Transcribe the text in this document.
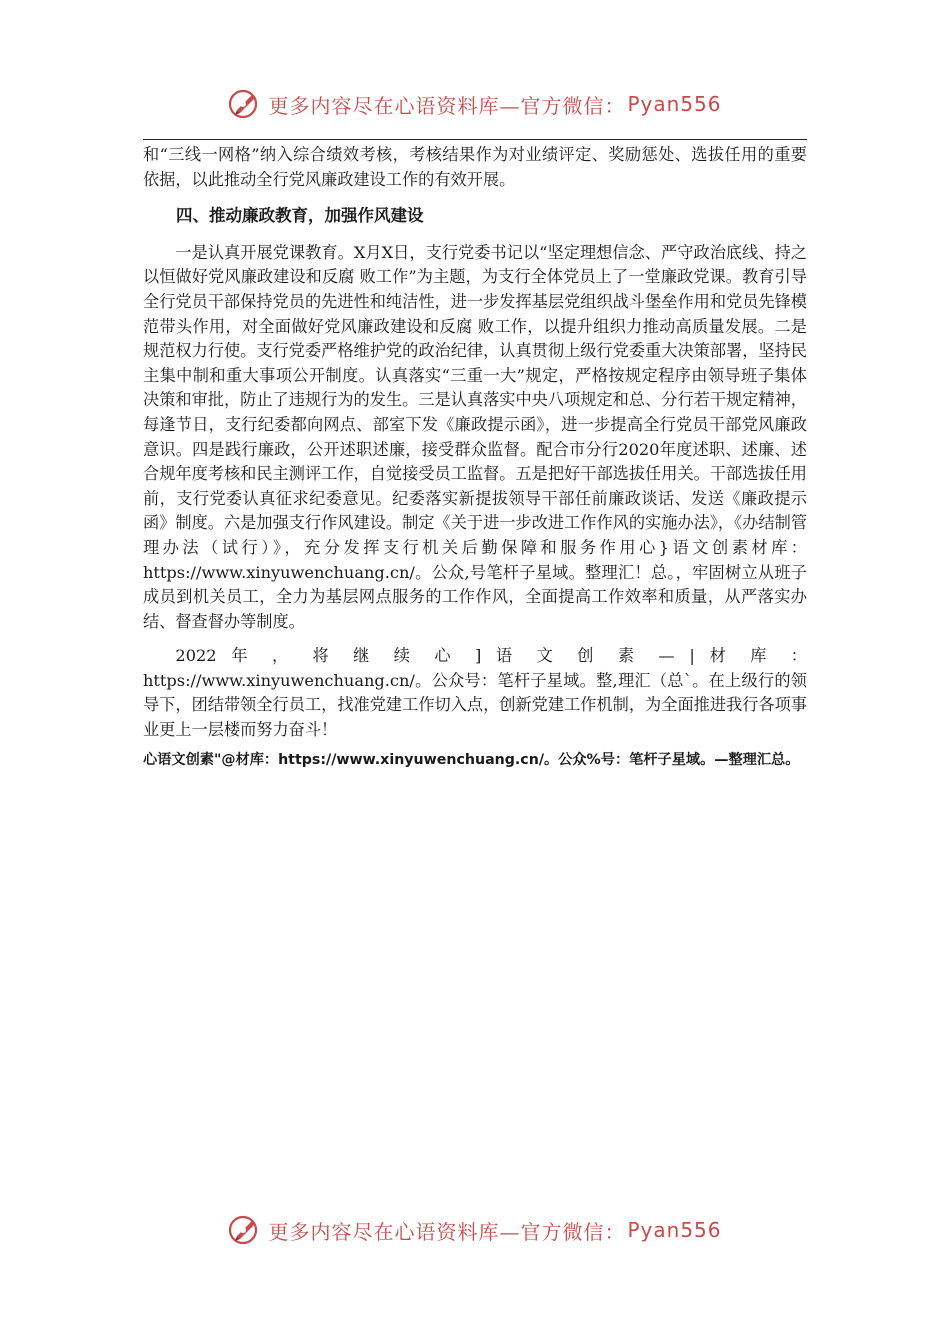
更多内容尽在心语资料库—官方微信： Pyan556

和“三线一网格”纳入综合绩效考核，考核结果作为对业绩评定、奖励惩处、选拔任用的重要依据，以此推动全行党风廉政建设工作的有效开展。

四、推动廉政教育，加强作风建设

一是认真开展党课教育。X月X日，支行党委书记以“坚定理想信念、严守政治底线、持之以恒做好党风廉政建设和反腐 败工作”为主题，为支行全体党员上了一堂廉政党课。教育引导全行党员干部保持党员的先进性和纯洁性，进一步发挥基层党组织战斗堡垒作用和党员先锋模范带头作用，对全面做好党风廉政建设和反腐 败工作，以提升组织力推动高质量发展。二是规范权力行使。支行党委严格维护党的政治纪律，认真贯彻上级行党委重大决策部署，坚持民主集中制和重大事项公开制度。认真落实“三重一大”规定，严格按规定程序由领导班子集体决策和审批，防止了违规行为的发生。三是认真落实中央八项规定和总、分行若干规定精神，每逢节日，支行纪委都向网点、部室下发《廉政提示函》，进一步提高全行党员干部党风廉政意识。四是践行廉政，公开述职述廉，接受群众监督。配合市分行2020年度述职、述廉、述合规年度考核和民主测评工作，自觉接受员工监督。五是把好干部选拔任用关。干部选拔任用前，支行党委认真征求纪委意见。纪委落实新提拔领导干部任前廉政谈话、发送《廉政提示函》制度。六是加强支行作风建设。制定《关于进一步改进工作作风的实施办法》，《办结制管理办法（试行）》，充分发挥支行机关后勤保障和服务作用心}语文创素材库：https://www.xinyuwenchuang.cn/。公众,号笔杆子星域。整理汇！总。，牢固树立从班子成员到机关员工，全力为基层网点服务的工作作风，全面提高工作效率和质量，从严落实办结、督查督办等制度。

2022 年 ， 将 继 续 心 ] 语 文 创 素 — | 材 库 ： https://www.xinyuwenchuang.cn/。公众号：笔杆子星域。整,理汇（总`。在上级行的领导下，团结带领全行员工，找准党建工作切入点，创新党建工作机制，为全面推进我行各项事业更上一层楼而努力奋斗！

心语文创素"@材库：https://www.xinyuwenchuang.cn/。公众%号：笔杆子星域。—整理汇总。

更多内容尽在心语资料库—官方微信： Pyan556
